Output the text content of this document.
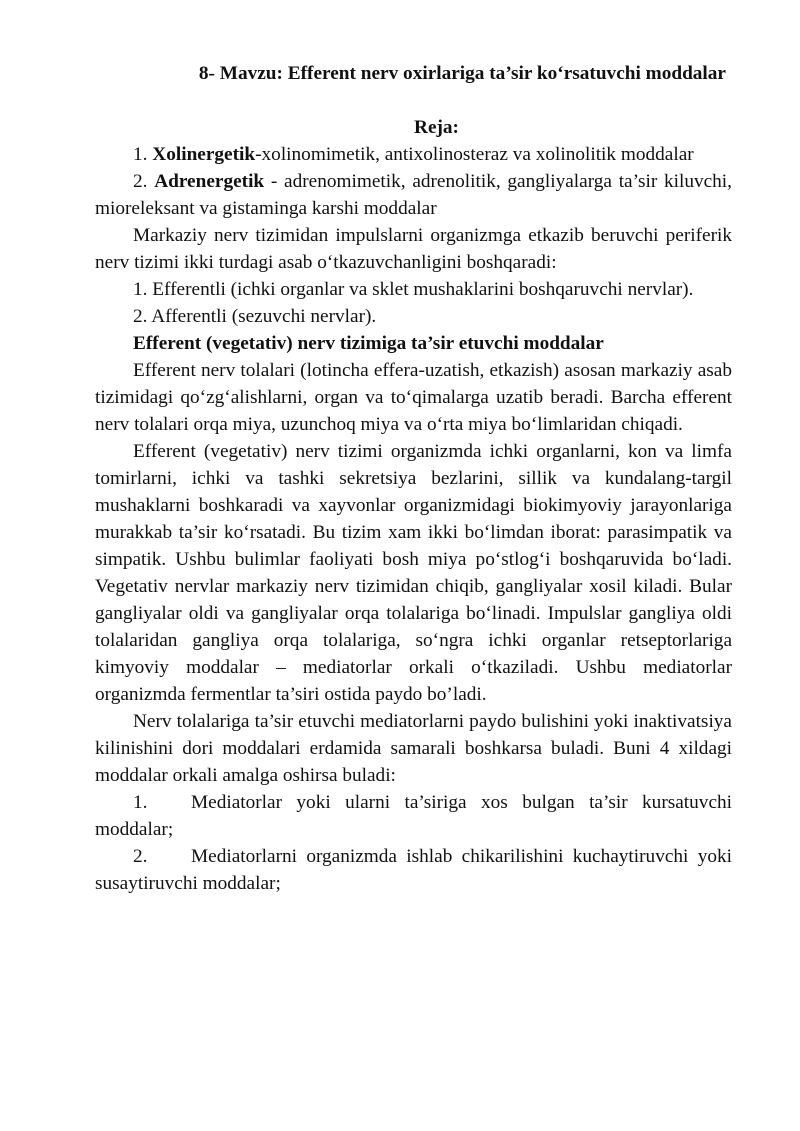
8- Mavzu: Efferent nerv oxirlariga ta’sir ko‘rsatuvchi moddalar

Reja:

1. Xolinergetik-xolinomimetik, antixolinosteraz va xolinolitik moddalar

2. Adrenergetik - adrenomimetik, adrenolitik, gangliyalarga ta’sir kiluvchi, mioreleksant va gistaminga karshi moddalar

Markaziy nerv tizimidan impulslarni organizmga etkazib beruvchi periferik nerv tizimi ikki turdagi asab o‘tkazuvchanligini boshqaradi:

1. Efferentli (ichki organlar va sklet mushaklarini boshqaruvchi nervlar).

2. Afferentli (sezuvchi nervlar).

Efferent (vegetativ) nerv tizimiga ta’sir etuvchi moddalar

Efferent nerv tolalari (lotincha effera-uzatish, etkazish) asosan markaziy asab tizimidagi qo‘zg‘alishlarni, organ va to‘qimalarga uzatib beradi. Barcha efferent nerv tolalari orqa miya, uzunchoq miya va o‘rta miya bo‘limlaridan chiqadi.

Efferent (vegetativ) nerv tizimi organizmda ichki organlarni, kon va limfa tomirlarni, ichki va tashki sekretsiya bezlarini, sillik va kundalang-targil mushaklarni boshkaradi va xayvonlar organizmidagi biokimyoviy jarayonlariga murakkab ta’sir ko‘rsatadi. Bu tizim xam ikki bo‘limdan iborat: parasimpatik va simpatik. Ushbu bulimlar faoliyati bosh miya po‘stlog‘i boshqaruvida bo‘ladi. Vegetativ nervlar markaziy nerv tizimidan chiqib, gangliyalar xosil kiladi. Bular gangliyalar oldi va gangliyalar orqa tolalariga bo‘linadi. Impulslar gangliya oldi tolalaridan gangliya orqa tolalariga, so‘ngra ichki organlar retseptorlariga kimyoviy moddalar – mediatorlar orkali o‘tkaziladi. Ushbu mediatorlar organizmda fermentlar ta’siri ostida paydo bo’ladi.

Nerv tolalariga ta’sir etuvchi mediatorlarni paydo bulishini yoki inaktivatsiya kilinishini dori moddalari erdamida samarali boshkarsa buladi. Buni 4 xildagi moddalar orkali amalga oshirsa buladi:

1. Mediatorlar yoki ularni ta’siriga xos bulgan ta’sir kursatuvchi moddalar;

2. Mediatorlarni organizmda ishlab chikarilishini kuchaytiruvchi yoki susaytiruvchi moddalar;
